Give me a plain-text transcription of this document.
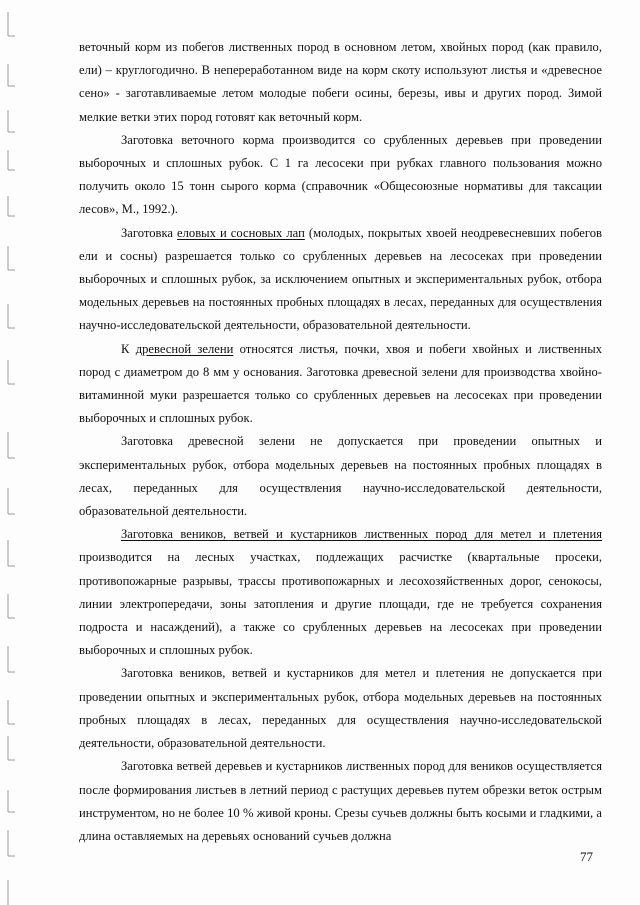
веточный корм из побегов лиственных пород в основном летом, хвойных пород (как правило, ели) – круглогодично. В непереработанном виде на корм скоту используют листья и «древесное сено» - заготавливаемые летом молодые побеги осины, березы, ивы и других пород. Зимой мелкие ветки этих пород готовят как веточный корм.

Заготовка веточного корма производится со срубленных деревьев при проведении выборочных и сплошных рубок. С 1 га лесосеки при рубках главного пользования можно получить около 15 тонн сырого корма (справочник «Общесоюзные нормативы для таксации лесов», М., 1992.).

Заготовка еловых и сосновых лап (молодых, покрытых хвоей неодревесневших побегов ели и сосны) разрешается только со срубленных деревьев на лесосеках при проведении выборочных и сплошных рубок, за исключением опытных и экспериментальных рубок, отбора модельных деревьев на постоянных пробных площадях в лесах, переданных для осуществления научно-исследовательской деятельности, образовательной деятельности.

К древесной зелени относятся листья, почки, хвоя и побеги хвойных и лиственных пород с диаметром до 8 мм у основания. Заготовка древесной зелени для производства хвойно-витаминной муки разрешается только со срубленных деревьев на лесосеках при проведении выборочных и сплошных рубок.

Заготовка древесной зелени не допускается при проведении опытных и экспериментальных рубок, отбора модельных деревьев на постоянных пробных площадях в лесах, переданных для осуществления научно-исследовательской деятельности, образовательной деятельности.

Заготовка веников, ветвей и кустарников лиственных пород для метел и плетения производится на лесных участках, подлежащих расчистке (квартальные просеки, противопожарные разрывы, трассы противопожарных и лесохозяйственных дорог, сенокосы, линии электропередачи, зоны затопления и другие площади, где не требуется сохранения подроста и насаждений), а также со срубленных деревьев на лесосеках при проведении выборочных и сплошных рубок.

Заготовка веников, ветвей и кустарников для метел и плетения не допускается при проведении опытных и экспериментальных рубок, отбора модельных деревьев на постоянных пробных площадях в лесах, переданных для осуществления научно-исследовательской деятельности, образовательной деятельности.

Заготовка ветвей деревьев и кустарников лиственных пород для веников осуществляется после формирования листьев в летний период с растущих деревьев путем обрезки веток острым инструментом, но не более 10 % живой кроны. Срезы сучьев должны быть косыми и гладкими, а длина оставляемых на деревьях оснований сучьев должна

77
